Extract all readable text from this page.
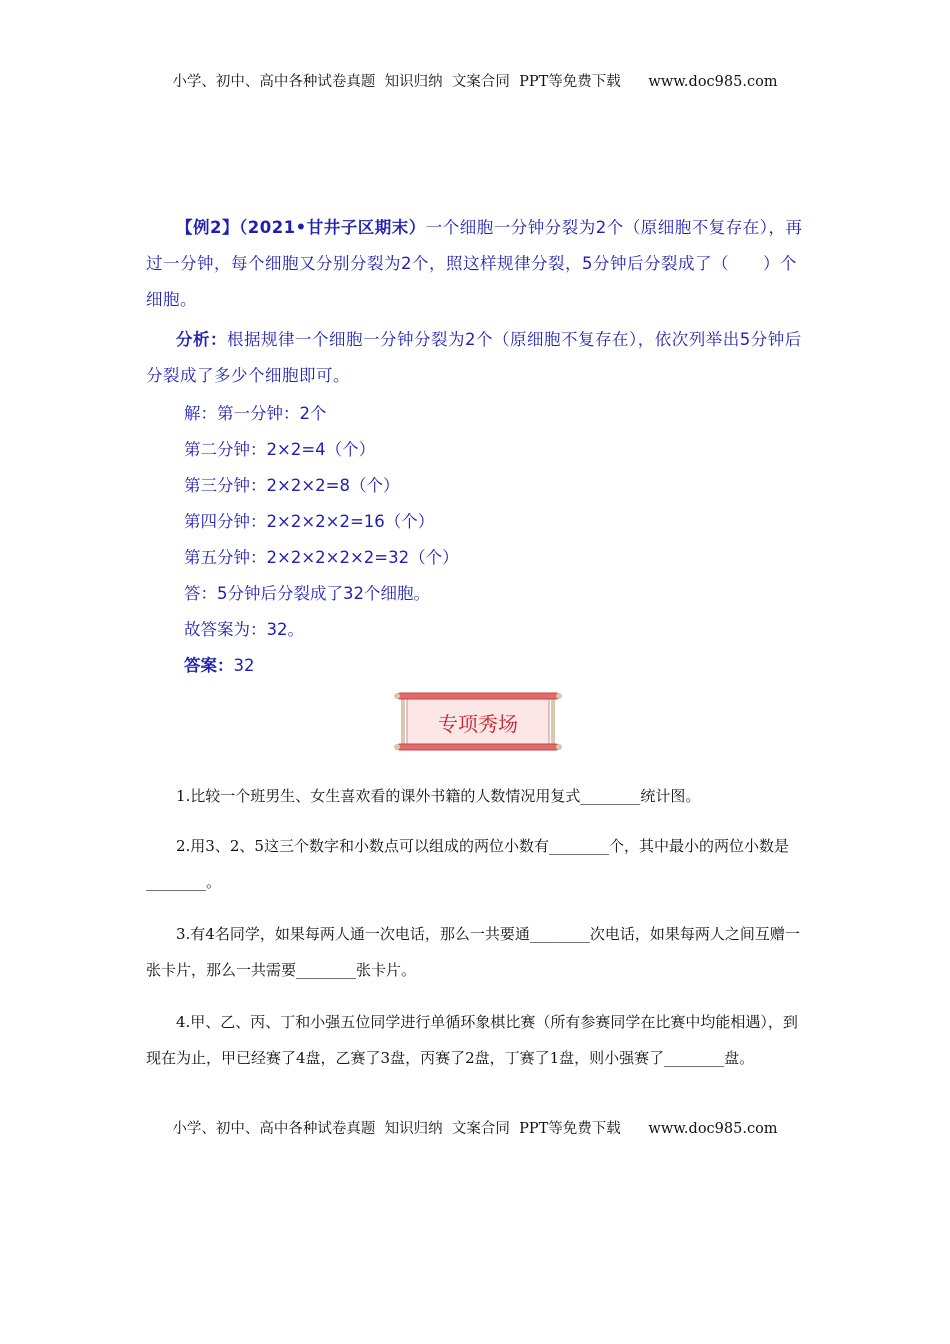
小学、初中、高中各种试卷真题  知识归纳  文案合同  PPT等免费下载      www.doc985.com
【例2】（2021•甘井子区期末）一个细胞一分钟分裂为2个（原细胞不复存在），再过一分钟，每个细胞又分别分裂为2个，照这样规律分裂，5分钟后分裂成了（　　）个细胞。
分析：根据规律一个细胞一分钟分裂为2个（原细胞不复存在），依次列举出5分钟后分裂成了多少个细胞即可。
解：第一分钟：2个
第二分钟：2×2=4（个）
第三分钟：2×2×2=8（个）
第四分钟：2×2×2×2=16（个）
第五分钟：2×2×2×2×2=32（个）
答：5分钟后分裂成了32个细胞。
故答案为：32。
答案：32
专项秀场
1.比较一个班男生、女生喜欢看的课外书籍的人数情况用复式________统计图。
2.用3、2、5这三个数字和小数点可以组成的两位小数有________个，其中最小的两位小数是________。
3.有4名同学，如果每两人通一次电话，那么一共要通________次电话，如果每两人之间互赠一张卡片，那么一共需要________张卡片。
4.甲、乙、丙、丁和小强五位同学进行单循环象棋比赛（所有参赛同学在比赛中均能相遇），到现在为止，甲已经赛了4盘，乙赛了3盘，丙赛了2盘，丁赛了1盘，则小强赛了________盘。
小学、初中、高中各种试卷真题  知识归纳  文案合同  PPT等免费下载      www.doc985.com
